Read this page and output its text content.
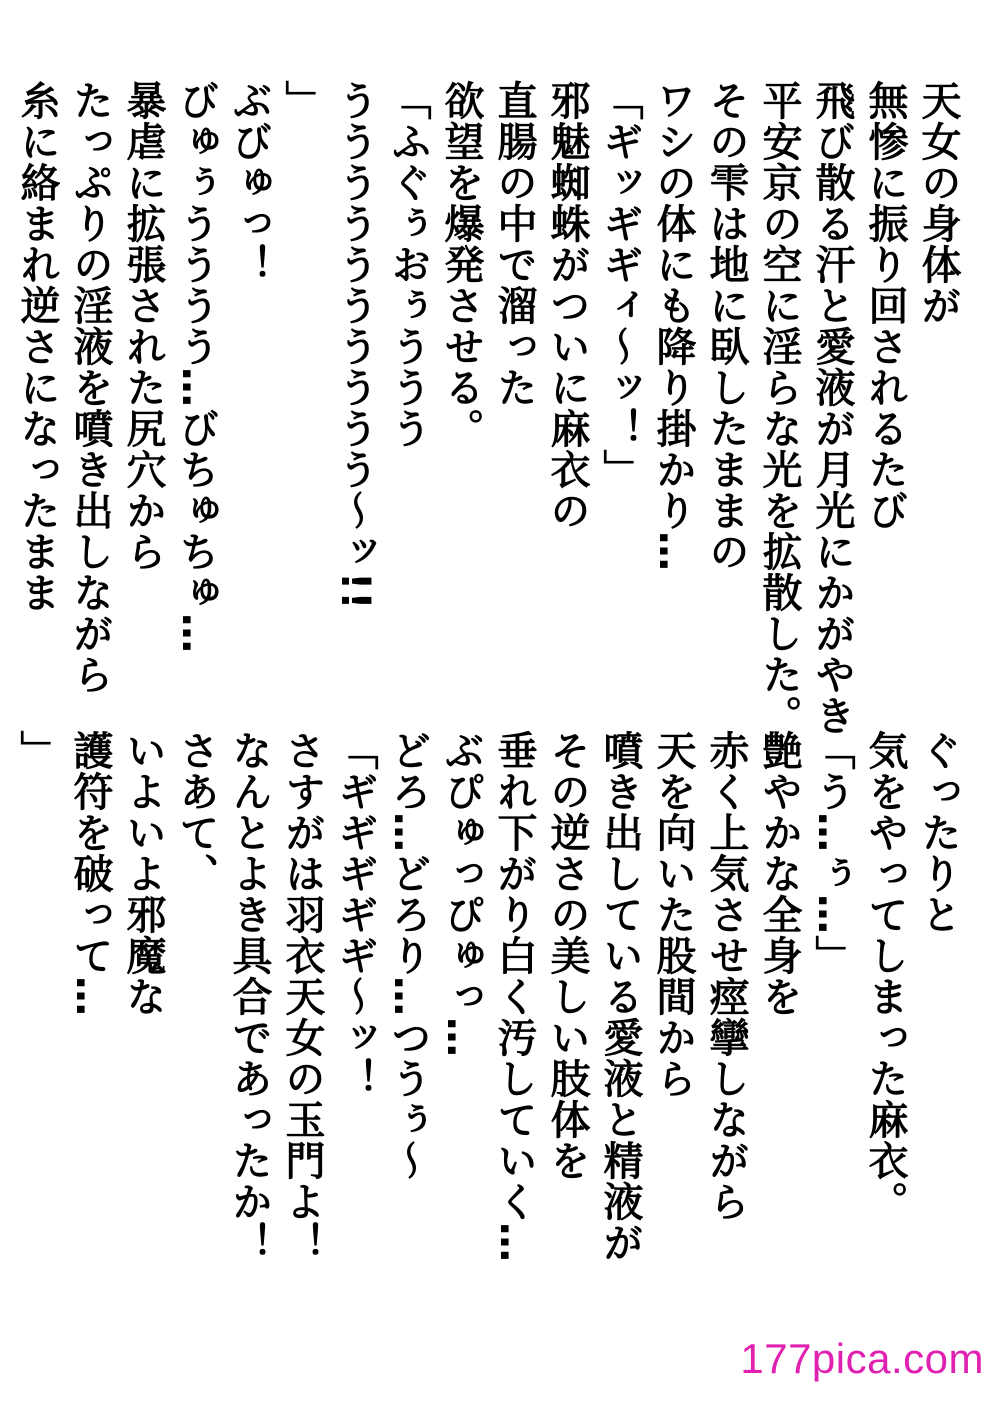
天女の身体が
無惨に振り回されるたび
飛び散る汗と愛液が月光にかがやき
平安京の空に淫らな光を拡散した。
その雫は地に臥したままの
ワシの体にも降り掛かり…
「ギッギギィ～ッ！」
邪魅蜘蛛がついに麻衣の
直腸の中で溜った
欲望を爆発させる。
「ふぐぅおぅううう
うううううううううう～ッ!!
」
ぶびゅっ！
びゅぅうううう…びちゅちゅ…
暴虐に拡張された尻穴から
たっぷりの淫液を噴き出しながら
糸に絡まれ逆さになったまま
ぐったりと
気をやってしまった麻衣。
「う…ぅ…」
艶やかな全身を
赤く上気させ痙攣しながら
天を向いた股間から
噴き出している愛液と精液が
その逆さの美しい肢体を
垂れ下がり白く汚していく…
ぶぴゅっぴゅっ…
どろ…どろり…つうぅ～
「ギギギギギ～ッ！
さすがは羽衣天女の玉門よ！
なんとよき具合であったか！
さあて、
いよいよ邪魔な
護符を破って…
」
177pica.com
